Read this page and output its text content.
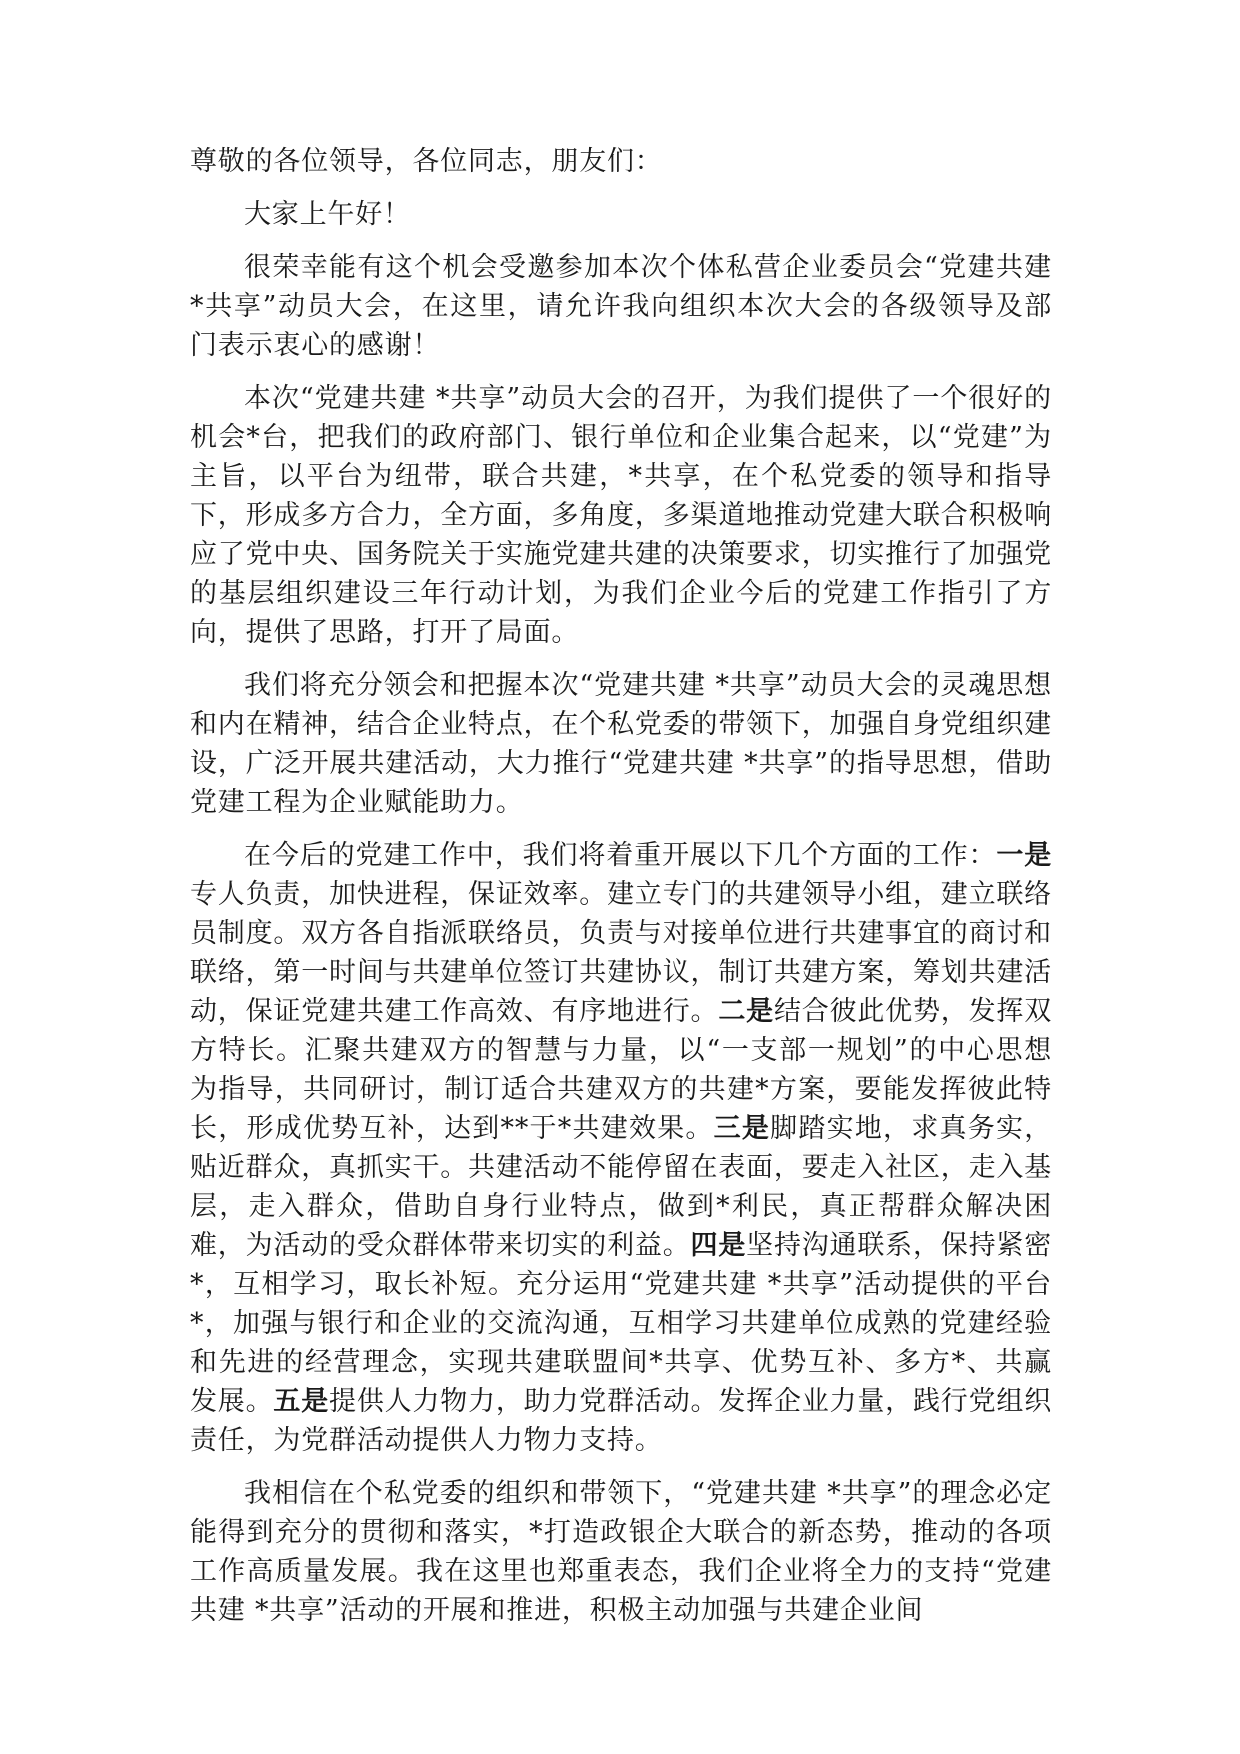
尊敬的各位领导，各位同志，朋友们：

大家上午好！

很荣幸能有这个机会受邀参加本次个体私营企业委员会“党建共建 *共享”动员大会，在这里，请允许我向组织本次大会的各级领导及部门表示衷心的感谢！

本次“党建共建 *共享”动员大会的召开，为我们提供了一个很好的机会*台，把我们的政府部门、银行单位和企业集合起来，以“党建”为主旨，以平台为纽带，联合共建，*共享，在个私党委的领导和指导下，形成多方合力，全方面，多角度，多渠道地推动党建大联合积极响应了党中央、国务院关于实施党建共建的决策要求，切实推行了加强党的基层组织建设三年行动计划，为我们企业今后的党建工作指引了方向，提供了思路，打开了局面。

我们将充分领会和把握本次“党建共建 *共享”动员大会的灵魂思想和内在精神，结合企业特点，在个私党委的带领下，加强自身党组织建设，广泛开展共建活动，大力推行“党建共建 *共享”的指导思想，借助党建工程为企业赋能助力。

在今后的党建工作中，我们将着重开展以下几个方面的工作：一是专人负责，加快进程，保证效率。建立专门的共建领导小组，建立联络员制度。双方各自指派联络员，负责与对接单位进行共建事宜的商讨和联络，第一时间与共建单位签订共建协议，制订共建方案，筹划共建活动，保证党建共建工作高效、有序地进行。二是结合彼此优势，发挥双方特长。汇聚共建双方的智慧与力量，以“一支部一规划”的中心思想为指导，共同研讨，制订适合共建双方的共建*方案，要能发挥彼此特长，形成优势互补，达到**于*共建效果。三是脚踏实地，求真务实，贴近群众，真抓实干。共建活动不能停留在表面，要走入社区，走入基层，走入群众，借助自身行业特点，做到*利民，真正帮群众解决困难，为活动的受众群体带来切实的利益。四是坚持沟通联系，保持紧密*，互相学习，取长补短。充分运用“党建共建 *共享”活动提供的平台*，加强与银行和企业的交流沟通，互相学习共建单位成熟的党建经验和先进的经营理念，实现共建联盟间*共享、优势互补、多方*、共赢发展。五是提供人力物力，助力党群活动。发挥企业力量，践行党组织责任，为党群活动提供人力物力支持。

我相信在个私党委的组织和带领下，“党建共建 *共享”的理念必定能得到充分的贯彻和落实，*打造政银企大联合的新态势，推动的各项工作高质量发展。我在这里也郑重表态，我们企业将全力的支持“党建共建 *共享”活动的开展和推进，积极主动加强与共建企业间
